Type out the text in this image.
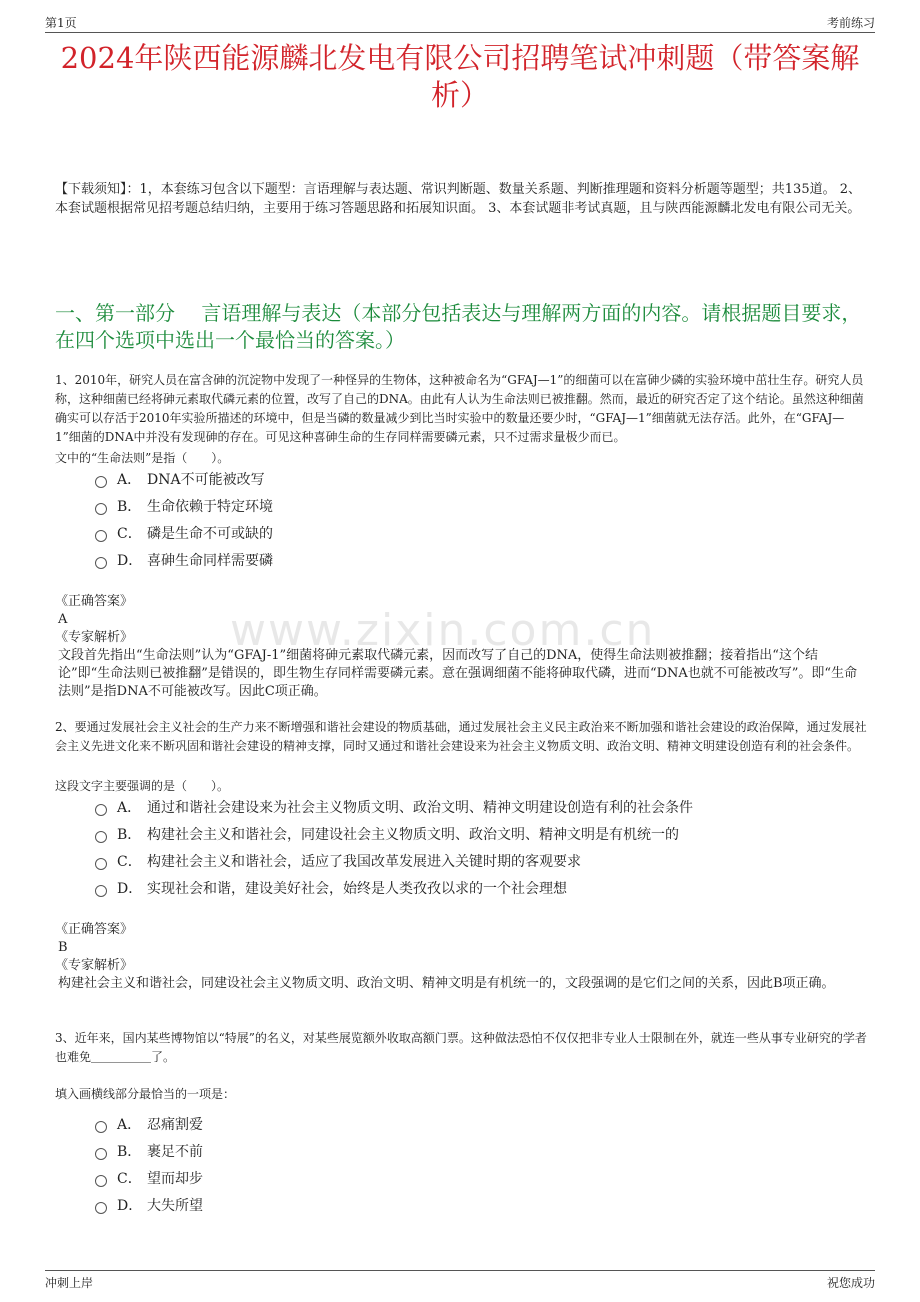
第1页	考前练习
2024年陕西能源麟北发电有限公司招聘笔试冲刺题（带答案解析）
【下载须知】：1，本套练习包含以下题型：言语理解与表达题、常识判断题、数量关系题、判断推理题和资料分析题等题型；共135道。 2、本套试题根据常见招考题总结归纳，主要用于练习答题思路和拓展知识面。 3、本套试题非考试真题，且与陕西能源麟北发电有限公司无关。
一、第一部分　 言语理解与表达（本部分包括表达与理解两方面的内容。请根据题目要求，在四个选项中选出一个最恰当的答案。）
www.zixin.com.cn
1、2010年，研究人员在富含砷的沉淀物中发现了一种怪异的生物体，这种被命名为“GFAJ—1”的细菌可以在富砷少磷的实验环境中茁壮生存。研究人员称，这种细菌已经将砷元素取代磷元素的位置，改写了自己的DNA。由此有人认为生命法则已被推翻。然而，最近的研究否定了这个结论。虽然这种细菌确实可以存活于2010年实验所描述的环境中，但是当磷的数量减少到比当时实验中的数量还要少时，“GFAJ—1”细菌就无法存活。此外，在“GFAJ—1”细菌的DNA中并没有发现砷的存在。可见这种喜砷生命的生存同样需要磷元素，只不过需求量极少而已。
文中的“生命法则”是指（　　）。
A． DNA不可能被改写
B． 生命依赖于特定环境
C． 磷是生命不可或缺的
D． 喜砷生命同样需要磷
《正确答案》
A
《专家解析》
文段首先指出“生命法则”认为“GFAJ-1”细菌将砷元素取代磷元素，因而改写了自己的DNA，使得生命法则被推翻；接着指出“这个结论”即“生命法则已被推翻”是错误的，即生物生存同样需要磷元素。意在强调细菌不能将砷取代磷，进而“DNA也就不可能被改写”。即“生命法则”是指DNA不可能被改写。因此C项正确。
2、要通过发展社会主义社会的生产力来不断增强和谐社会建设的物质基础，通过发展社会主义民主政治来不断加强和谐社会建设的政治保障，通过发展社会主义先进文化来不断巩固和谐社会建设的精神支撑，同时又通过和谐社会建设来为社会主义物质文明、政治文明、精神文明建设创造有利的社会条件。
这段文字主要强调的是（　　）。
A． 通过和谐社会建设来为社会主义物质文明、政治文明、精神文明建设创造有利的社会条件
B． 构建社会主义和谐社会，同建设社会主义物质文明、政治文明、精神文明是有机统一的
C． 构建社会主义和谐社会，适应了我国改革发展进入关键时期的客观要求
D． 实现社会和谐，建设美好社会，始终是人类孜孜以求的一个社会理想
《正确答案》
B
《专家解析》
构建社会主义和谐社会，同建设社会主义物质文明、政治文明、精神文明是有机统一的，文段强调的是它们之间的关系，因此B项正确。
3、近年来，国内某些博物馆以“特展”的名义，对某些展览额外收取高额门票。这种做法恐怕不仅仅把非专业人士限制在外，就连一些从事专业研究的学者也难免＿＿＿＿＿了。
填入画横线部分最恰当的一项是：
A． 忍痛割爱
B． 裹足不前
C． 望而却步
D． 大失所望
冲刺上岸	祝您成功
